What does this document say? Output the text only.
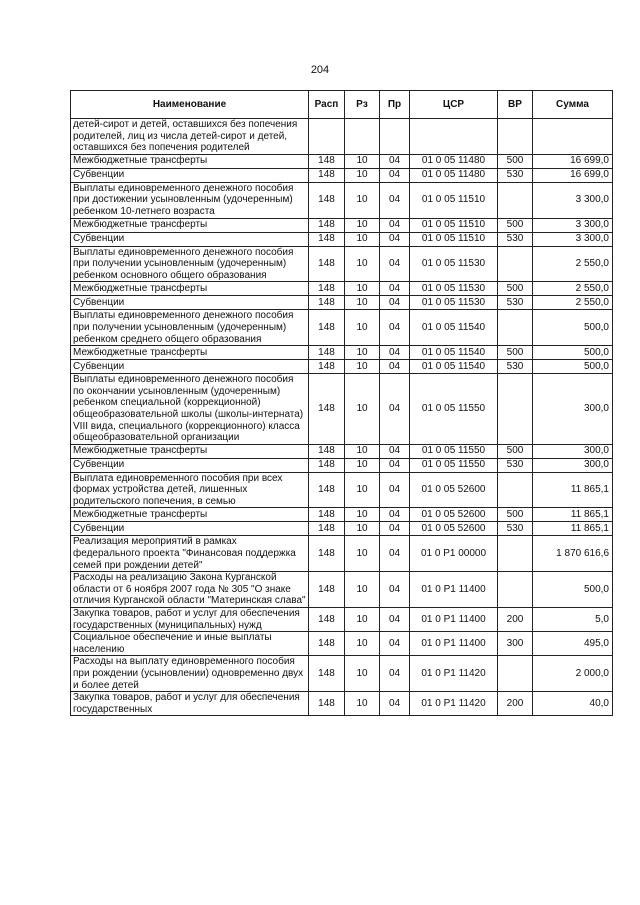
204
Наименование	Расп	Рз	Пр	ЦСР	ВР	Сумма
детей-сирот и детей, оставшихся без попечения родителей, лиц из числа детей-сирот и детей, оставшихся без попечения родителей						
Межбюджетные трансферты	148	10	04	01 0 05 11480	500	16 699,0
Субвенции	148	10	04	01 0 05 11480	530	16 699,0
Выплаты единовременного денежного пособия при достижении усыновленным (удочеренным) ребенком 10-летнего возраста	148	10	04	01 0 05 11510		3 300,0
Межбюджетные трансферты	148	10	04	01 0 05 11510	500	3 300,0
Субвенции	148	10	04	01 0 05 11510	530	3 300,0
Выплаты единовременного денежного пособия при получении усыновленным (удочеренным) ребенком основного общего образования	148	10	04	01 0 05 11530		2 550,0
Межбюджетные трансферты	148	10	04	01 0 05 11530	500	2 550,0
Субвенции	148	10	04	01 0 05 11530	530	2 550,0
Выплаты единовременного денежного пособия при получении усыновленным (удочеренным) ребенком среднего общего образования	148	10	04	01 0 05 11540		500,0
Межбюджетные трансферты	148	10	04	01 0 05 11540	500	500,0
Субвенции	148	10	04	01 0 05 11540	530	500,0
Выплаты единовременного денежного пособия по окончании усыновленным (удочеренным) ребенком специальной (коррекционной) общеобразовательной школы (школы-интерната) VIII вида, специального (коррекционного) класса общеобразовательной организации	148	10	04	01 0 05 11550		300,0
Межбюджетные трансферты	148	10	04	01 0 05 11550	500	300,0
Субвенции	148	10	04	01 0 05 11550	530	300,0
Выплата единовременного пособия при всех формах устройства детей, лишенных родительского попечения, в семью	148	10	04	01 0 05 52600		11 865,1
Межбюджетные трансферты	148	10	04	01 0 05 52600	500	11 865,1
Субвенции	148	10	04	01 0 05 52600	530	11 865,1
Реализация мероприятий в рамках федерального проекта "Финансовая поддержка семей при рождении детей"	148	10	04	01 0 P1 00000		1 870 616,6
Расходы на реализацию Закона Курганской области от 6 ноября 2007 года № 305 "О знаке отличия Курганской области "Материнская слава"	148	10	04	01 0 P1 11400		500,0
Закупка товаров, работ и услуг для обеспечения государственных (муниципальных) нужд	148	10	04	01 0 P1 11400	200	5,0
Социальное обеспечение и иные выплаты населению	148	10	04	01 0 P1 11400	300	495,0
Расходы на выплату единовременного пособия при рождении (усыновлении) одновременно двух и более детей	148	10	04	01 0 P1 11420		2 000,0
Закупка товаров, работ и услуг для обеспечения государственных	148	10	04	01 0 P1 11420	200	40,0
